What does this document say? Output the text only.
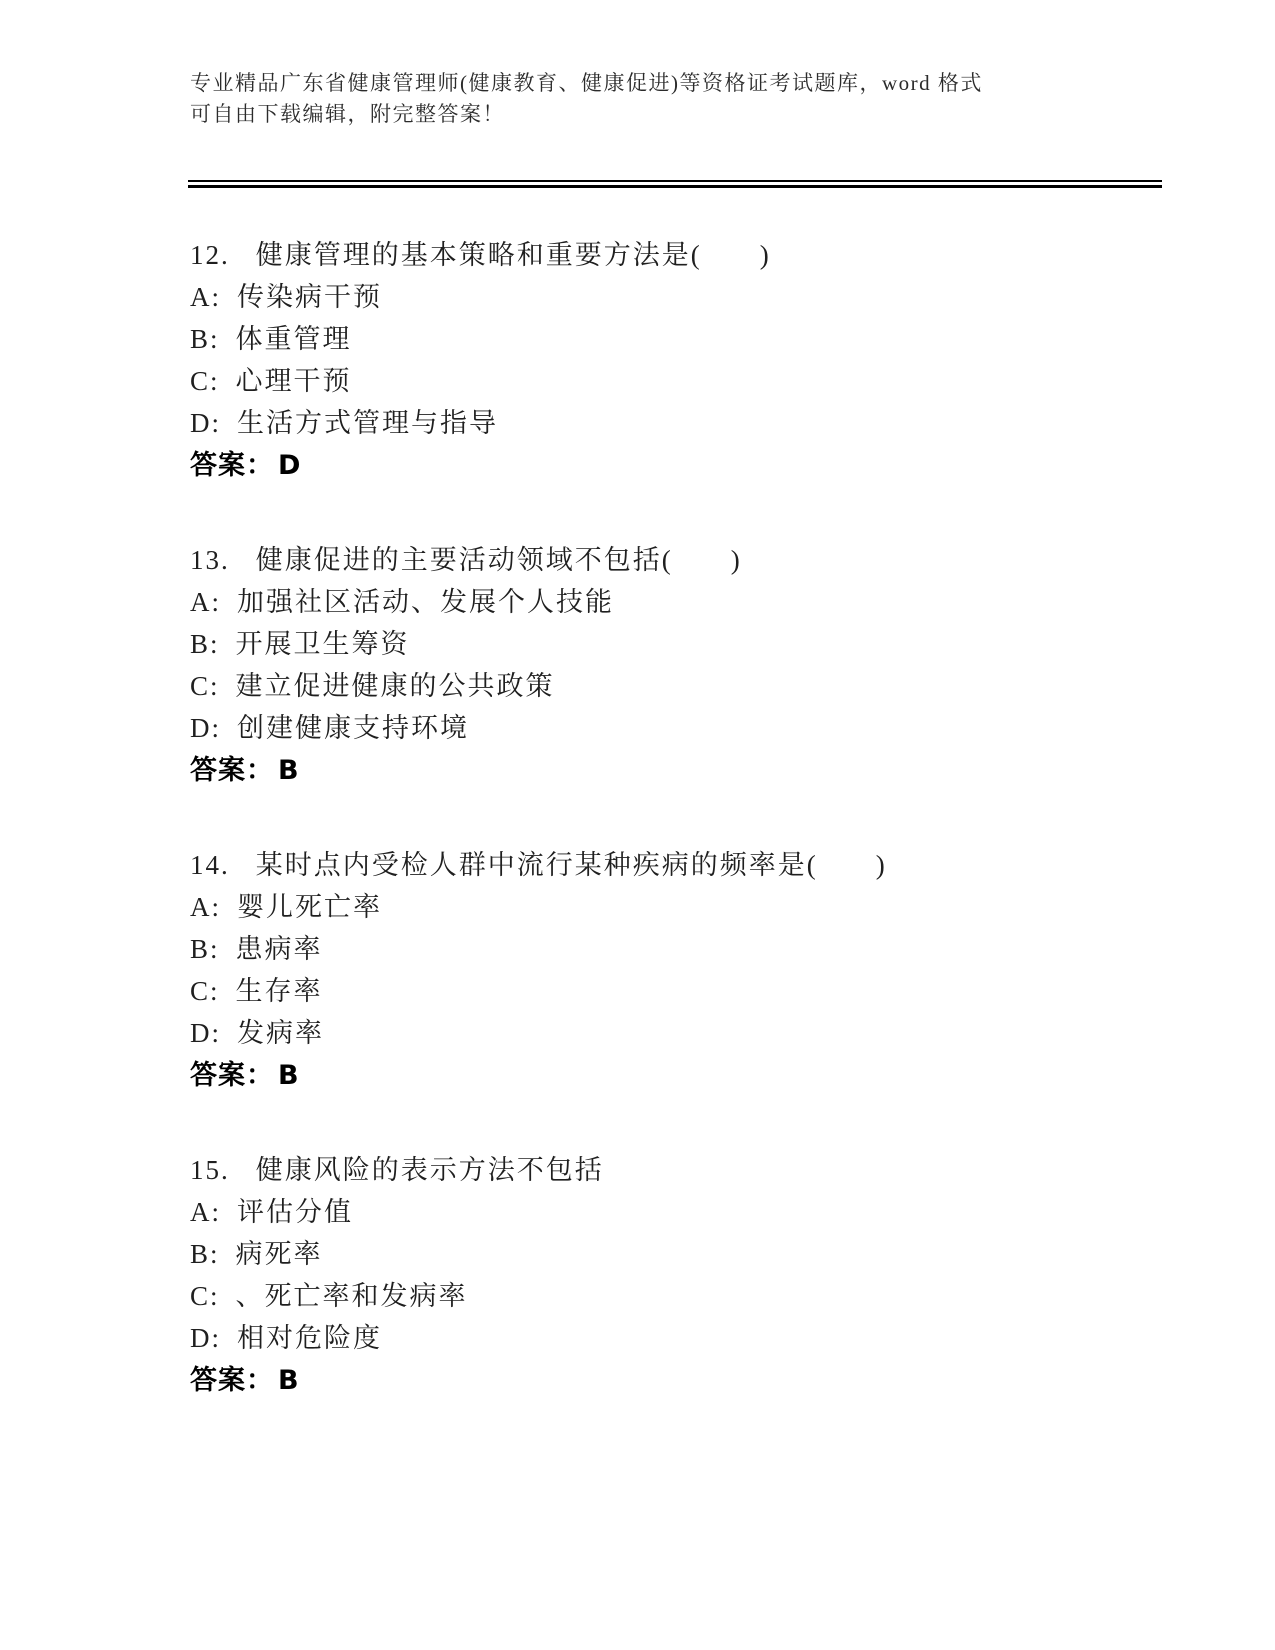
专业精品广东省健康管理师(健康教育、健康促进)等资格证考试题库，word 格式

可自由下载编辑，附完整答案！

12. 健康管理的基本策略和重要方法是(　　)

A: 传染病干预

B: 体重管理

C: 心理干预

D: 生活方式管理与指导

答案： D

13. 健康促进的主要活动领域不包括(　　)

A: 加强社区活动、发展个人技能

B: 开展卫生筹资

C: 建立促进健康的公共政策

D: 创建健康支持环境

答案： B

14. 某时点内受检人群中流行某种疾病的频率是(　　)

A: 婴儿死亡率

B: 患病率

C: 生存率

D: 发病率

答案： B

15. 健康风险的表示方法不包括

A: 评估分值

B: 病死率

C: 、死亡率和发病率

D: 相对危险度

答案： B
